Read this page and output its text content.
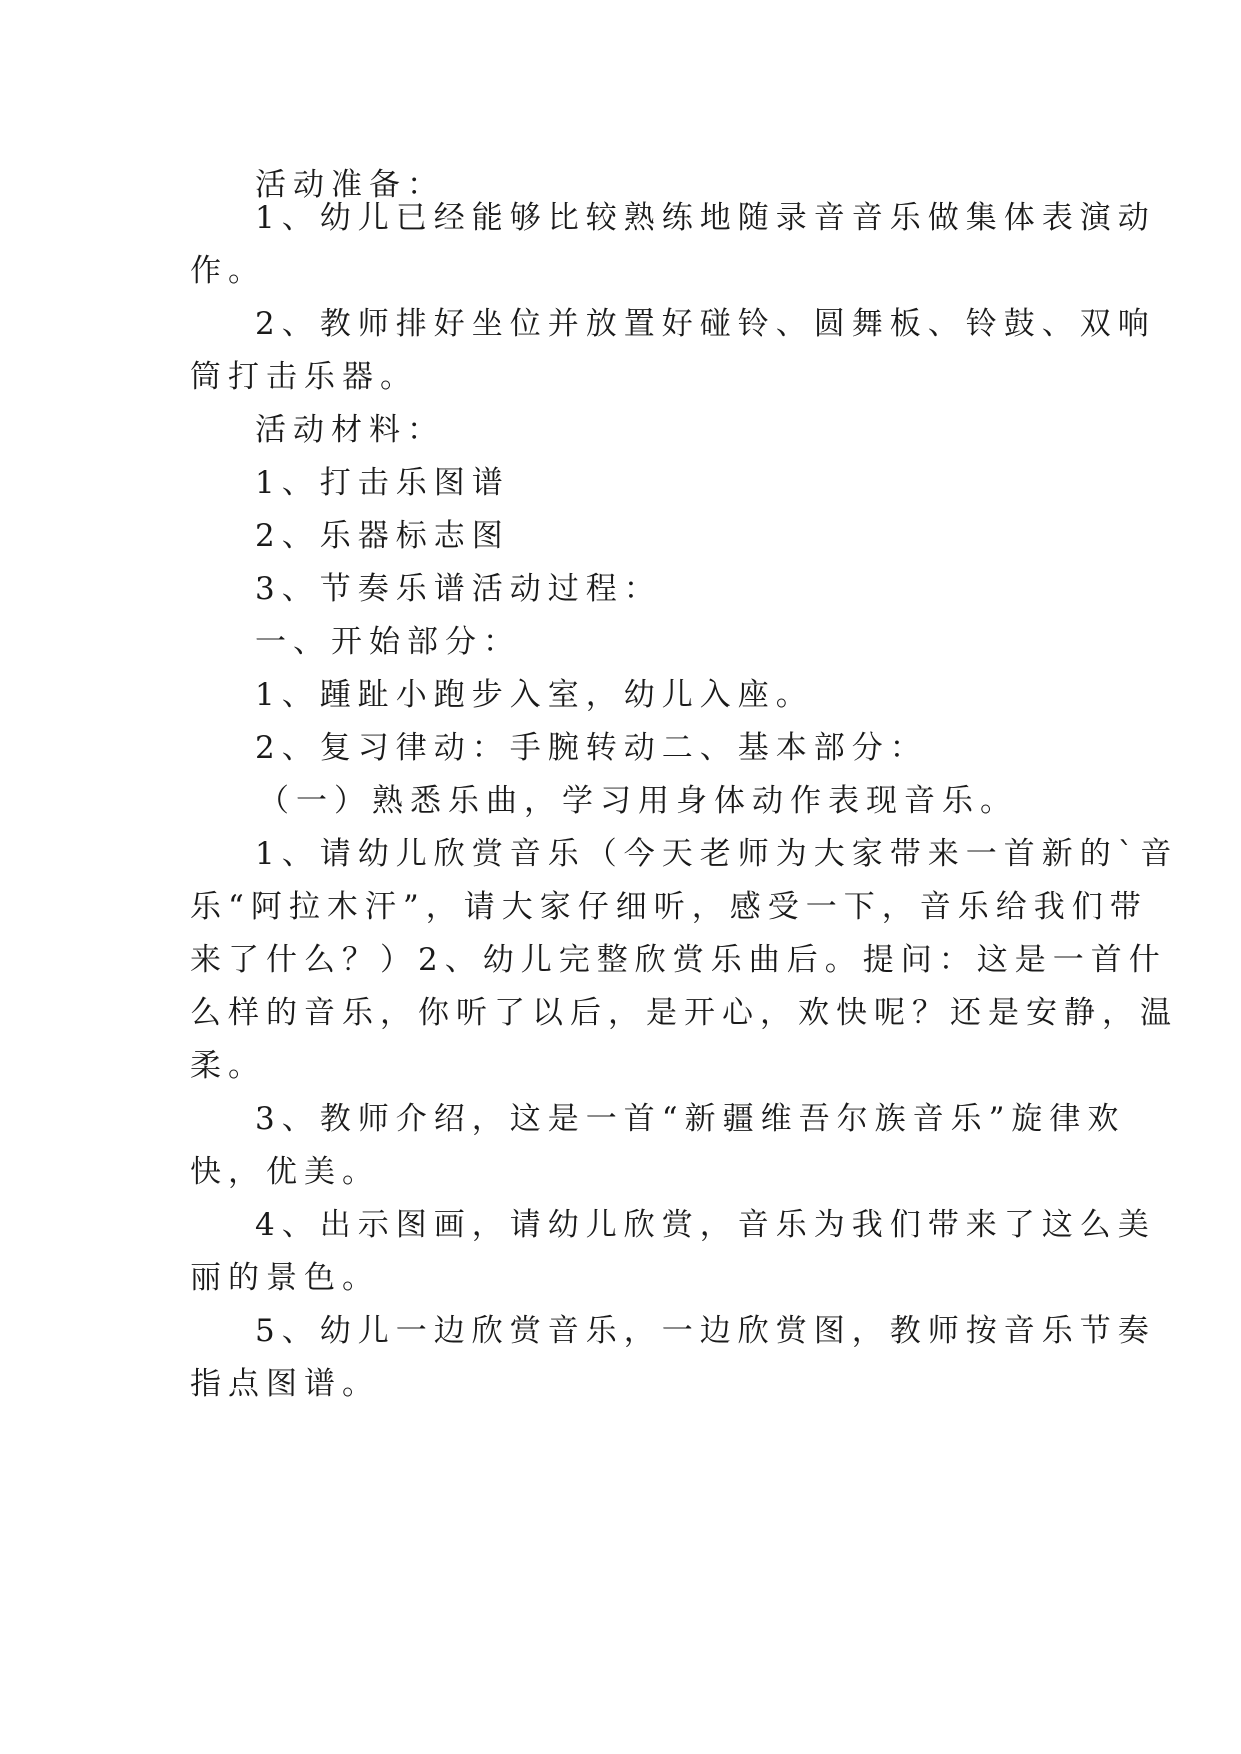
活动准备：
1、幼儿已经能够比较熟练地随录音音乐做集体表演动
作。
2、教师排好坐位并放置好碰铃、圆舞板、铃鼓、双响
筒打击乐器。
活动材料：
1、打击乐图谱
2、乐器标志图
3、节奏乐谱活动过程：
一、开始部分：
1、踵趾小跑步入室，幼儿入座。
2、复习律动：手腕转动二、基本部分：
（一）熟悉乐曲，学习用身体动作表现音乐。
1、请幼儿欣赏音乐（今天老师为大家带来一首新的`音
乐“阿拉木汗”，请大家仔细听，感受一下，音乐给我们带
来了什么？）2、幼儿完整欣赏乐曲后。提问：这是一首什
么样的音乐，你听了以后，是开心，欢快呢？还是安静，温
柔。
3、教师介绍，这是一首“新疆维吾尔族音乐”旋律欢
快，优美。
4、出示图画，请幼儿欣赏，音乐为我们带来了这么美
丽的景色。
5、幼儿一边欣赏音乐，一边欣赏图，教师按音乐节奏
指点图谱。
